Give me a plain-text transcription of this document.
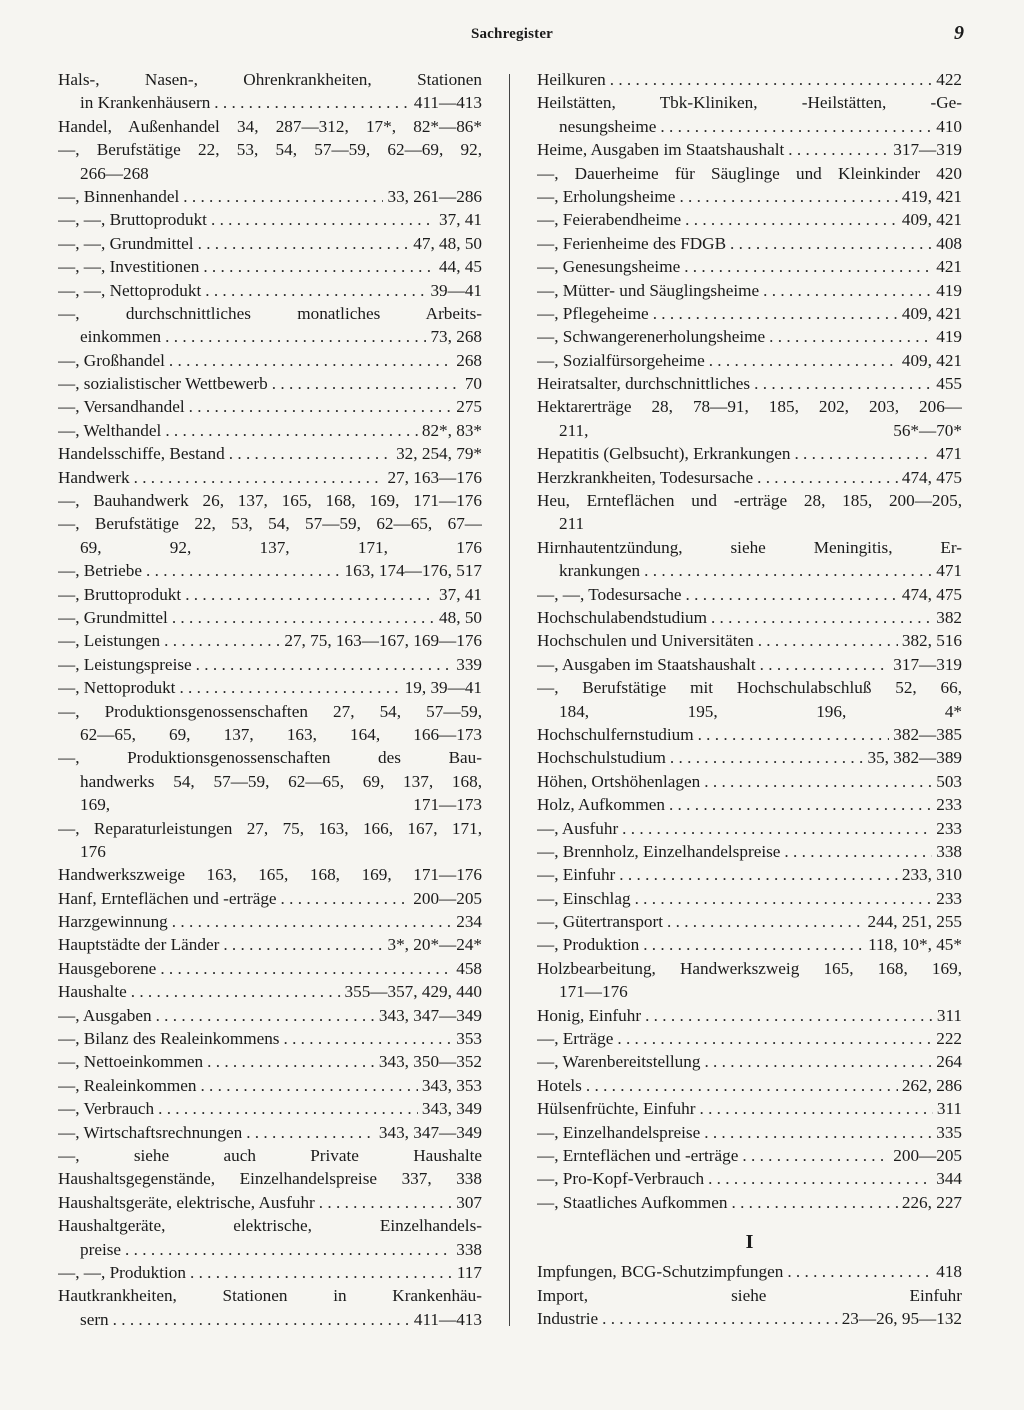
Sachregister	9
Hals-, Nasen-, Ohrenkrankheiten, Stationen
in Krankenhäusern . . .	411—413
Handel, Außenhandel 34, 287—312, 17*, 82*—86*
—, Berufstätige 22, 53, 54, 57—59, 62—69, 92,
266—268
—, Binnenhandel . . .	33, 261—286
—, —, Bruttoprodukt . . .	37, 41
—, —, Grundmittel . . .	47, 48, 50
—, —, Investitionen . . .	44, 45
—, —, Nettoprodukt . . .	39—41
—, durchschnittliches monatliches Arbeits-
einkommen . . .	73, 268
—, Großhandel . . .	268
—, sozialistischer Wettbewerb . . .	70
—, Versandhandel . . .	275
—, Welthandel . . .	82*, 83*
Handelsschiffe, Bestand . . .	32, 254, 79*
Handwerk . . .	27, 163—176
—, Bauhandwerk 26, 137, 165, 168, 169, 171—176
—, Berufstätige 22, 53, 54, 57—59, 62—65, 67—
69, 92, 137, 171, 176
—, Betriebe . . .	163, 174—176, 517
—, Bruttoprodukt . . .	37, 41
—, Grundmittel . . .	48, 50
—, Leistungen . . .	27, 75, 163—167, 169—176
—, Leistungspreise . . .	339
—, Nettoprodukt . . .	19, 39—41
—, Produktionsgenossenschaften 27, 54, 57—59,
62—65, 69, 137, 163, 164, 166—173
—, Produktionsgenossenschaften des Bau-
handwerks 54, 57—59, 62—65, 69, 137, 168,
169, 171—173
—, Reparaturleistungen 27, 75, 163, 166, 167, 171,
176
Handwerkszweige 163, 165, 168, 169, 171—176
Hanf, Ernteflächen und -erträge . . .	200—205
Harzgewinnung . . .	234
Hauptstädte der Länder . . .	3*, 20*—24*
Hausgeborene . . .	458
Haushalte . . .	355—357, 429, 440
—, Ausgaben . . .	343, 347—349
—, Bilanz des Realeinkommens . . .	353
—, Nettoeinkommen . . .	343, 350—352
—, Realeinkommen . . .	343, 353
—, Verbrauch . . .	343, 349
—, Wirtschaftsrechnungen . . .	343, 347—349
—, siehe auch Private Haushalte
Haushaltsgegenstände, Einzelhandelspreise 337, 338
Haushaltsgeräte, elektrische, Ausfuhr . . .	307
Haushaltgeräte, elektrische, Einzelhandels-
preise . . .	338
—, —, Produktion . . .	117
Hautkrankheiten, Stationen in Krankenhäu-
sern . . .	411—413
Heilkuren . . .	422
Heilstätten, Tbk-Kliniken, -Heilstätten, -Ge-
nesungsheime . . .	410
Heime, Ausgaben im Staatshaushalt . . .	317—319
—, Dauerheime für Säuglinge und Kleinkinder 420
—, Erholungsheime . . .	419, 421
—, Feierabendheime . . .	409, 421
—, Ferienheime des FDGB . . .	408
—, Genesungsheime . . .	421
—, Mütter- und Säuglingsheime . . .	419
—, Pflegeheime . . .	409, 421
—, Schwangerenerholungsheime . . .	419
—, Sozialfürsorgeheime . . .	409, 421
Heiratsalter, durchschnittliches . . .	455
Hektarerträge 28, 78—91, 185, 202, 203, 206—
211, 56*—70*
Hepatitis (Gelbsucht), Erkrankungen . . .	471
Herzkrankheiten, Todesursache . . .	474, 475
Heu, Ernteflächen und -erträge 28, 185, 200—205,
211
Hirnhautentzündung, siehe Meningitis, Er-
krankungen . . .	471
—, —, Todesursache . . .	474, 475
Hochschulabendstudium . . .	382
Hochschulen und Universitäten . . .	382, 516
—, Ausgaben im Staatshaushalt . . .	317—319
—, Berufstätige mit Hochschulabschluß 52, 66,
184, 195, 196, 4*
Hochschulfernstudium . . .	382—385
Hochschulstudium . . .	35, 382—389
Höhen, Ortshöhenlagen . . .	503
Holz, Aufkommen . . .	233
—, Ausfuhr . . .	233
—, Brennholz, Einzelhandelspreise . . .	338
—, Einfuhr . . .	233, 310
—, Einschlag . . .	233
—, Gütertransport . . .	244, 251, 255
—, Produktion . . .	118, 10*, 45*
Holzbearbeitung, Handwerkszweig 165, 168, 169,
171—176
Honig, Einfuhr . . .	311
—, Erträge . . .	222
—, Warenbereitstellung . . .	264
Hotels . . .	262, 286
Hülsenfrüchte, Einfuhr . . .	311
—, Einzelhandelspreise . . .	335
—, Ernteflächen und -erträge . . .	200—205
—, Pro-Kopf-Verbrauch . . .	344
—, Staatliches Aufkommen . . .	226, 227
I
Impfungen, BCG-Schutzimpfungen . . .	418
Import, siehe Einfuhr
Industrie . . .	23—26, 95—132
